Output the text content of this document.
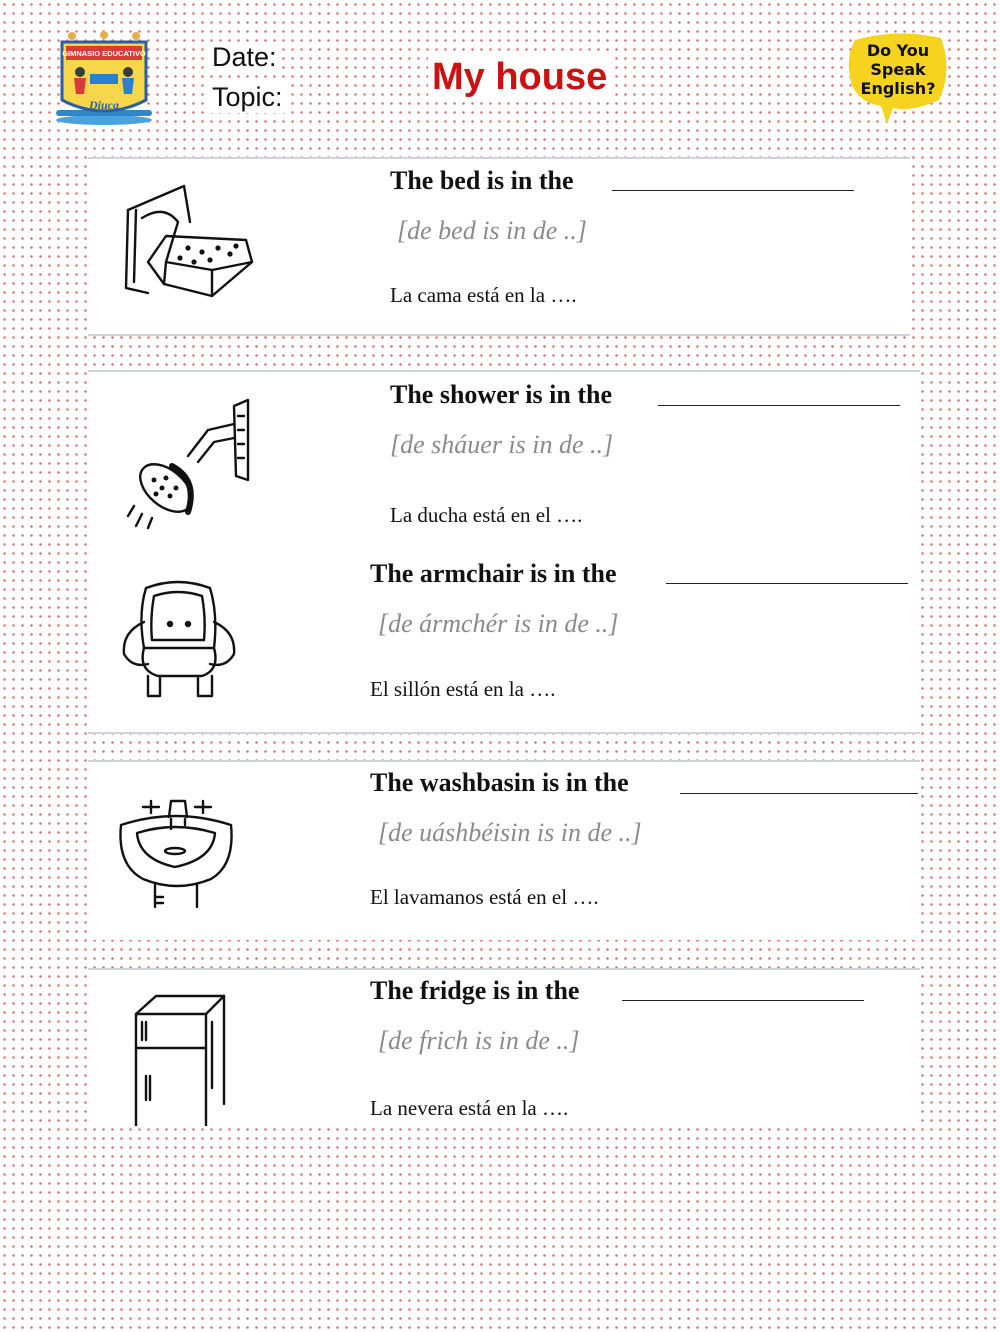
GIMNASIO EDUCATIVO
Diuca
Date:
Topic:	My house
Do You
Speak
English?
The bed is in the
[de bed is in de ..]
La cama está en la ….
The shower is in the
[de sháuer is in de ..]
La ducha está en el ….
The armchair is in the
[de ármchér is in de ..]
El sillón está en la ….
The washbasin is in the
[de uáshbéisin is in de ..]
El lavamanos está en el ….
The fridge is in the
[de frich is in de ..]
La nevera está en la ….
